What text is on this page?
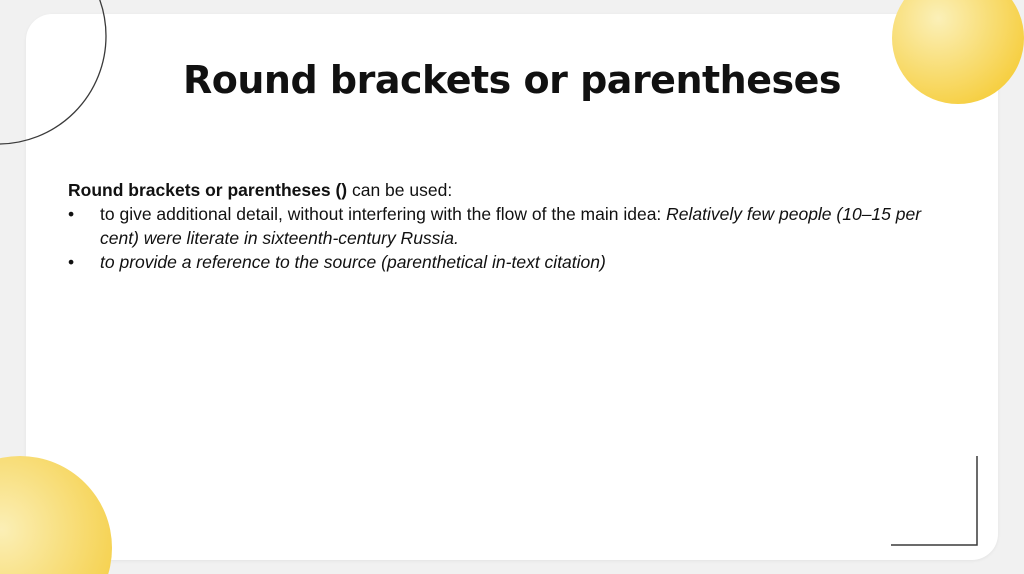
Round brackets or parentheses

Round brackets or parentheses () can be used:

• to give additional detail, without interfering with the flow of the main idea: Relatively few people (10–15 per cent) were literate in sixteenth-century Russia.

• to provide a reference to the source (parenthetical in-text citation)
